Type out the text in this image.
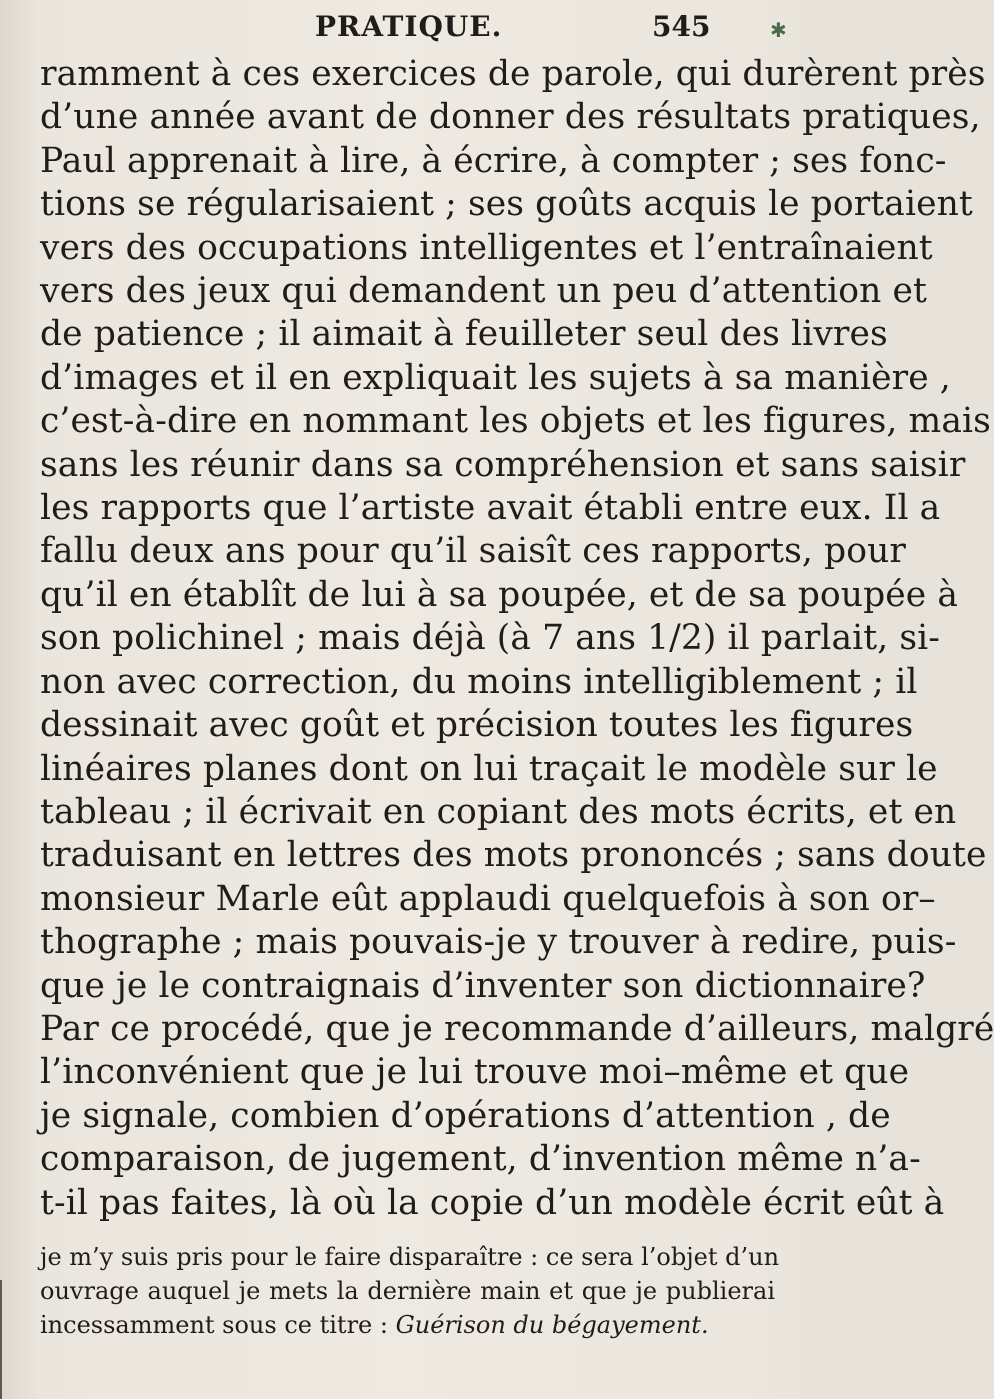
PRATIQUE.	545	✱
ramment à ces exercices de parole, qui durèrent près
d’une année avant de donner des résultats pratiques,
Paul apprenait à lire, à écrire, à compter ; ses fonc-
tions se régularisaient ; ses goûts acquis le portaient
vers des occupations intelligentes et l’entraînaient
vers des jeux qui demandent un peu d’attention et
de patience ; il aimait à feuilleter seul des livres
d’images et il en expliquait les sujets à sa manière ,
c’est-à-dire en nommant les objets et les figures, mais
sans les réunir dans sa compréhension et sans saisir
les rapports que l’artiste avait établi entre eux. Il a
fallu deux ans pour qu’il saisît ces rapports, pour
qu’il en établît de lui à sa poupée, et de sa poupée à
son polichinel ; mais déjà (à 7 ans 1/2) il parlait, si-
non avec correction, du moins intelligiblement ; il
dessinait avec goût et précision toutes les figures
linéaires planes dont on lui traçait le modèle sur le
tableau ; il écrivait en copiant des mots écrits, et en
traduisant en lettres des mots prononcés ; sans doute
monsieur Marle eût applaudi quelquefois à son or–
thographe ; mais pouvais-je y trouver à redire, puis-
que je le contraignais d’inventer son dictionnaire?
Par ce procédé, que je recommande d’ailleurs, malgré
l’inconvénient que je lui trouve moi–même et que
je signale, combien d’opérations d’attention , de
comparaison, de jugement, d’invention même n’a-
t-il pas faites, là où la copie d’un modèle écrit eût à
je m’y suis pris pour le faire disparaître : ce sera l’objet d’un
ouvrage auquel je mets la dernière main et que je publierai
incessamment sous ce titre : Guérison du bégayement.
